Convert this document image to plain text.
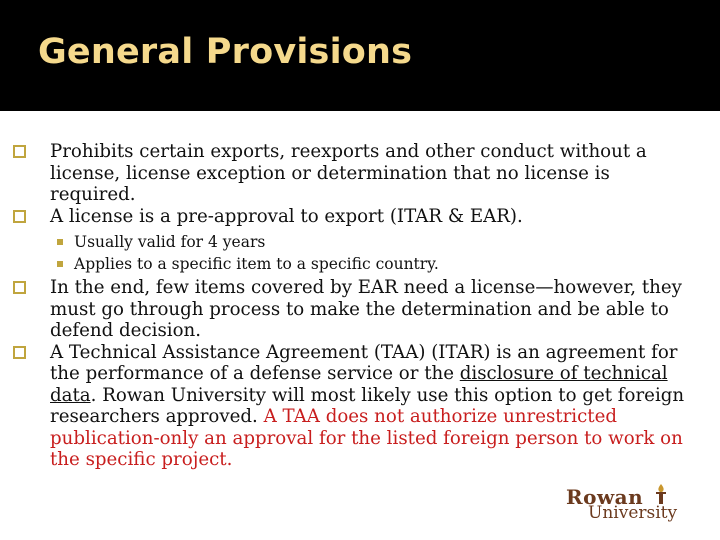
General Provisions
Prohibits certain exports, reexports and other conduct without a license, license exception or determination that no license is required.
A license is a pre-approval to export (ITAR & EAR).
Usually valid for 4 years
Applies to a specific item to a specific country.
In the end, few items covered by EAR need a license—however, they must go through process to make the determination and be able to defend decision.
A Technical Assistance Agreement (TAA) (ITAR) is an agreement for the performance of a defense service or the disclosure of technical data. Rowan University will most likely use this option to get foreign researchers approved. A TAA does not authorize unrestricted publication-only an approval for the listed foreign person to work on the specific project.
Rowan
University
